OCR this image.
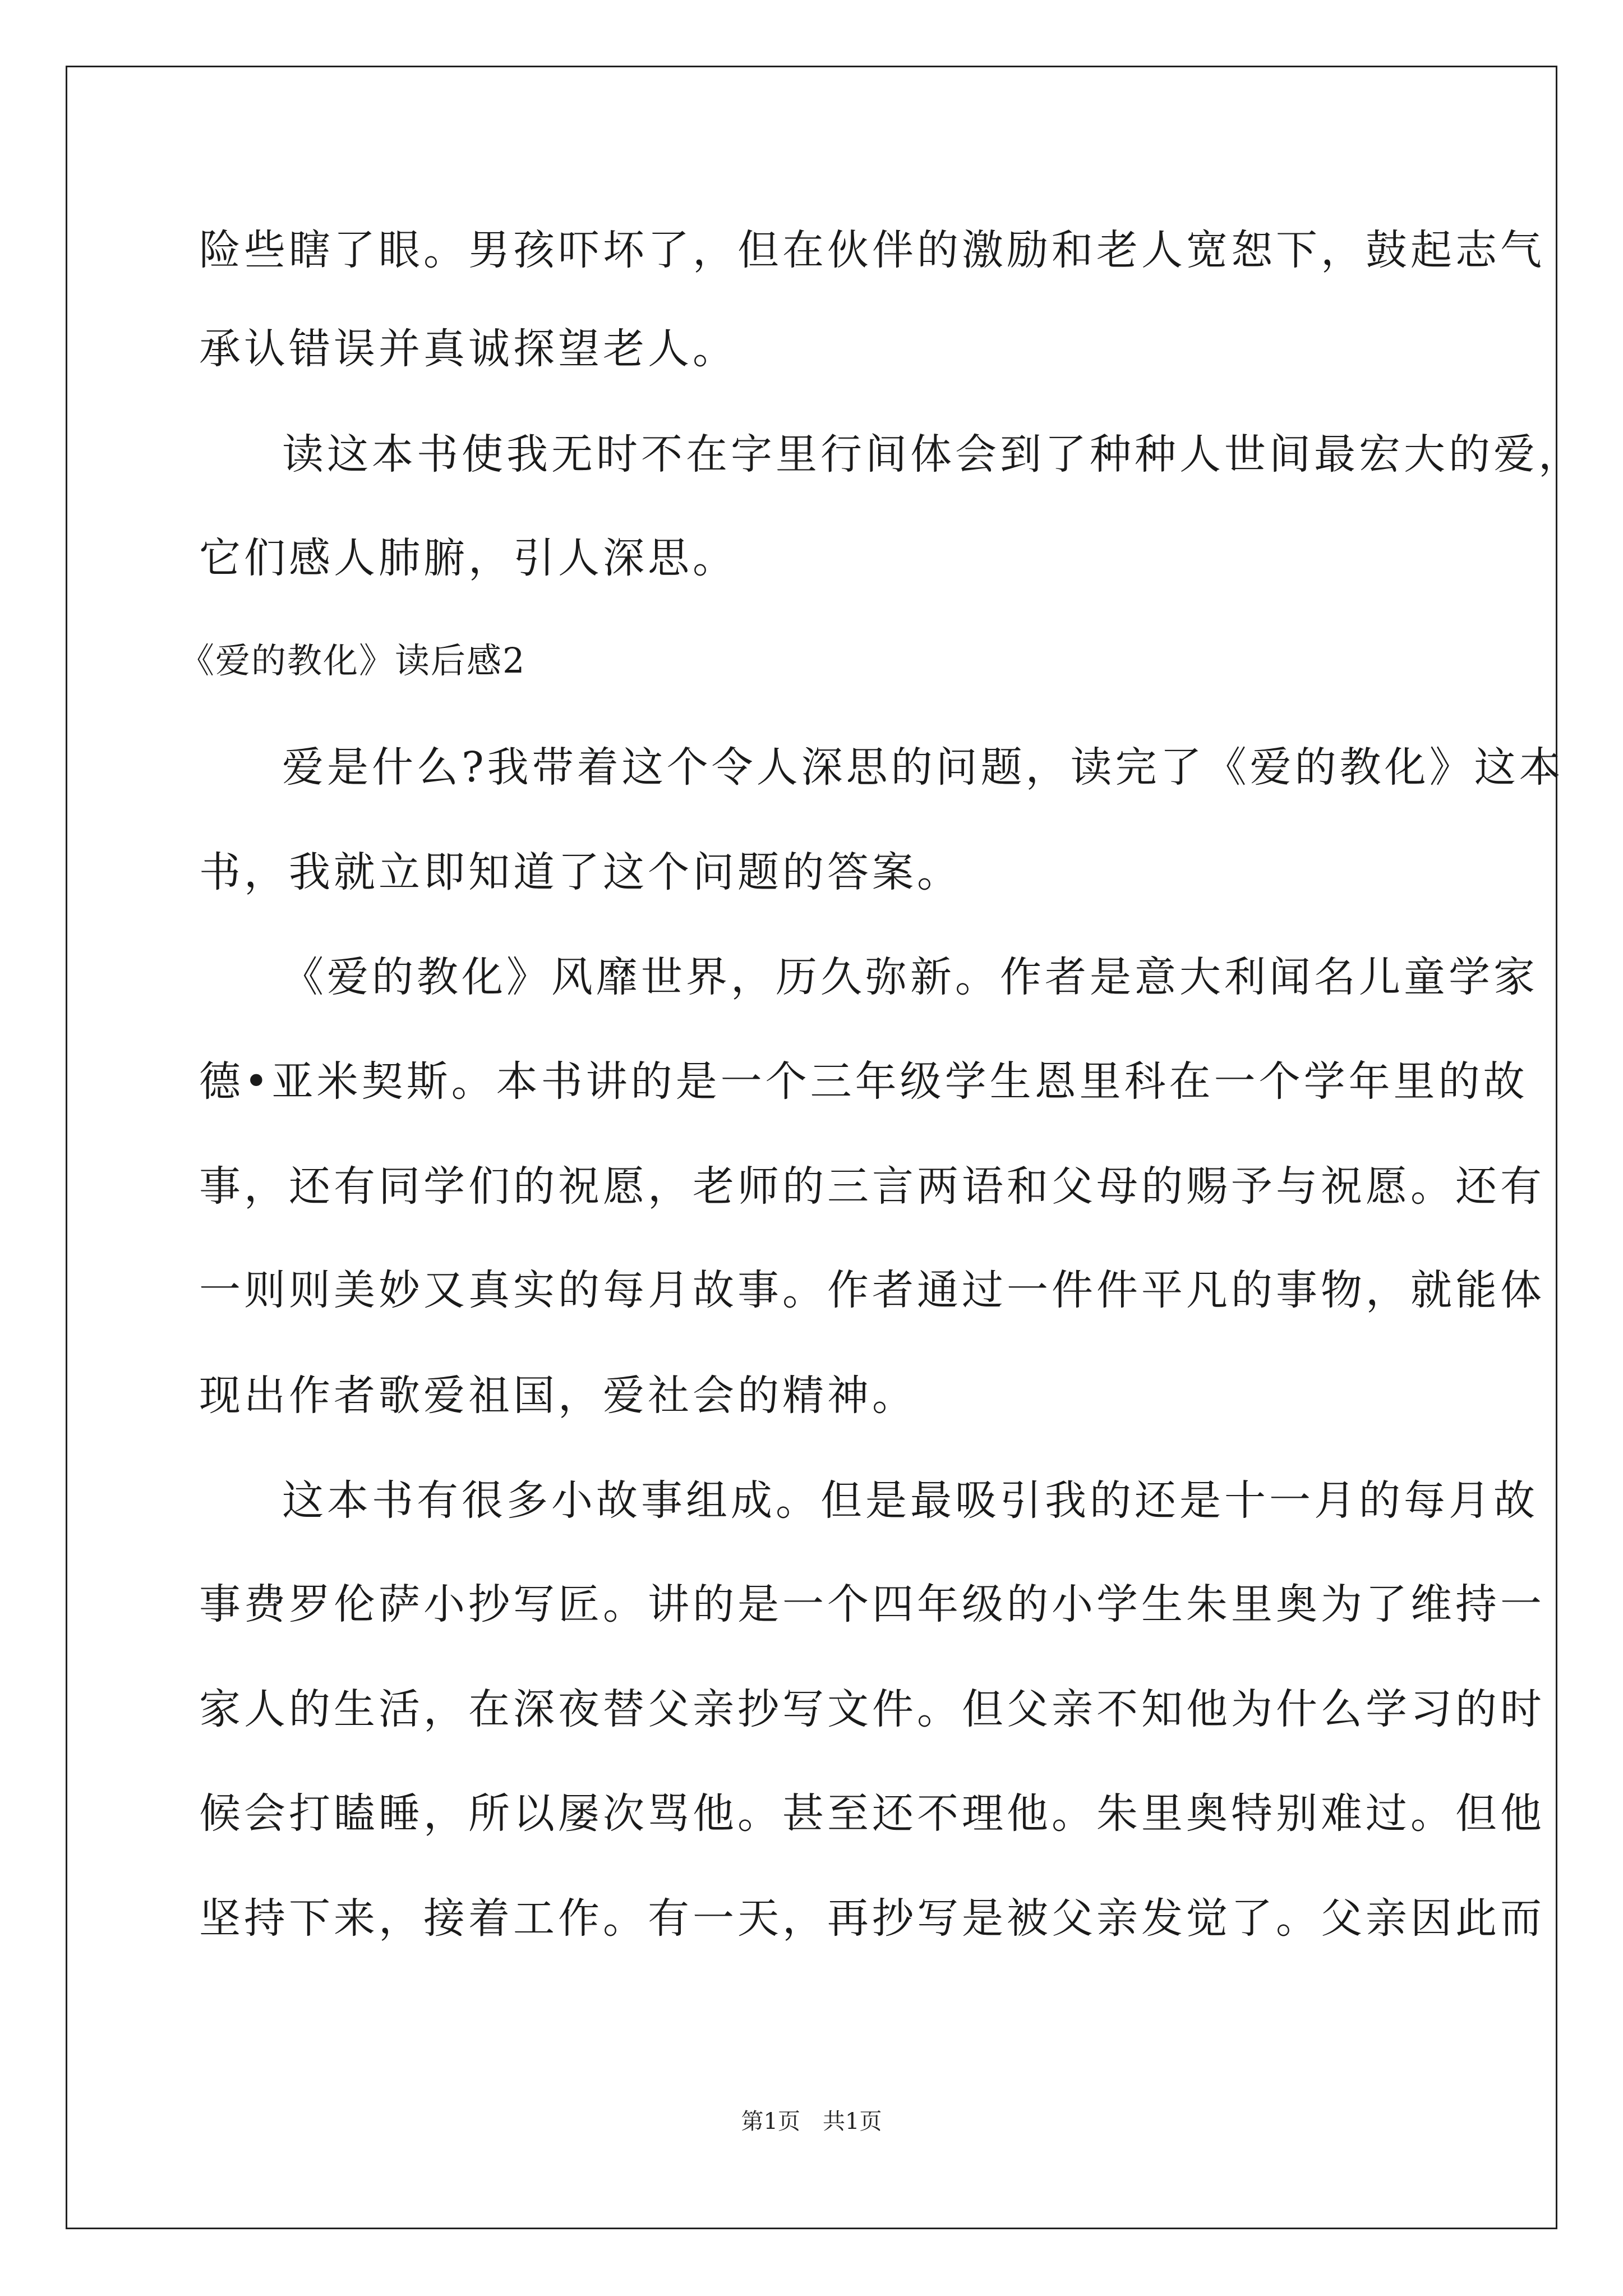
险些瞎了眼。男孩吓坏了，但在伙伴的激励和老人宽恕下，鼓起志气
承认错误并真诚探望老人。
读这本书使我无时不在字里行间体会到了种种人世间最宏大的爱，
它们感人肺腑，引人深思。
《爱的教化》读后感2
爱是什么?我带着这个令人深思的问题，读完了《爱的教化》这本
书，我就立即知道了这个问题的答案。
《爱的教化》风靡世界，历久弥新。作者是意大利闻名儿童学家
德•亚米契斯。本书讲的是一个三年级学生恩里科在一个学年里的故
事，还有同学们的祝愿，老师的三言两语和父母的赐予与祝愿。还有
一则则美妙又真实的每月故事。作者通过一件件平凡的事物，就能体
现出作者歌爱祖国，爱社会的精神。
这本书有很多小故事组成。但是最吸引我的还是十一月的每月故
事费罗伦萨小抄写匠。讲的是一个四年级的小学生朱里奥为了维持一
家人的生活，在深夜替父亲抄写文件。但父亲不知他为什么学习的时
候会打瞌睡，所以屡次骂他。甚至还不理他。朱里奥特别难过。但他
坚持下来，接着工作。有一天，再抄写是被父亲发觉了。父亲因此而
第1页　共1页
